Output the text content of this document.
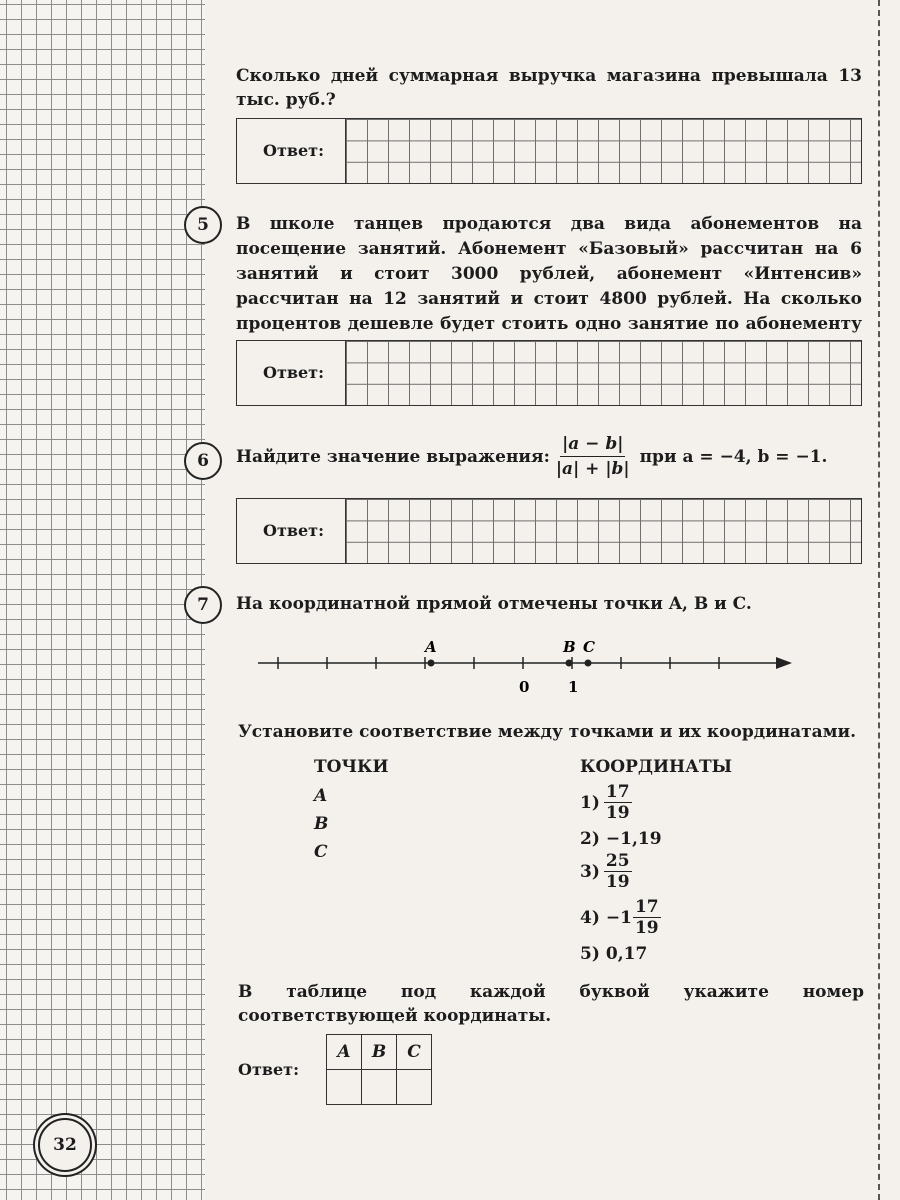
Сколько дней суммарная выручка магазина превышала 13 тыс. руб.?
Ответ:
5	В школе танцев продаются два вида абонементов на посещение занятий. Абонемент «Базовый» рассчитан на 6 занятий и стоит 3000 рублей, абонемент «Интенсив» рассчитан на 12 занятий и стоит 4800 рублей. На сколько процентов дешевле будет стоить одно занятие по абонементу
Ответ:
6	Найдите значение выражения: $\frac{|a - b|}{|a| + |b|}$ при a = −4, b = −1.
Ответ:
7	На координатной прямой отмечены точки A, B и C.
A	B C
0	1
Установите соответствие между точками и их координатами.
ТОЧКИ	КООРДИНАТЫ
A
B
C
$1) \frac{17}{19}$
2) −1,19
$3) \frac{25}{19}$
$4) -1 \frac{17}{19}$
5) 0,17
В таблице под каждой буквой укажите номер соответствующей координаты.
Ответ:
A	B	C

32
